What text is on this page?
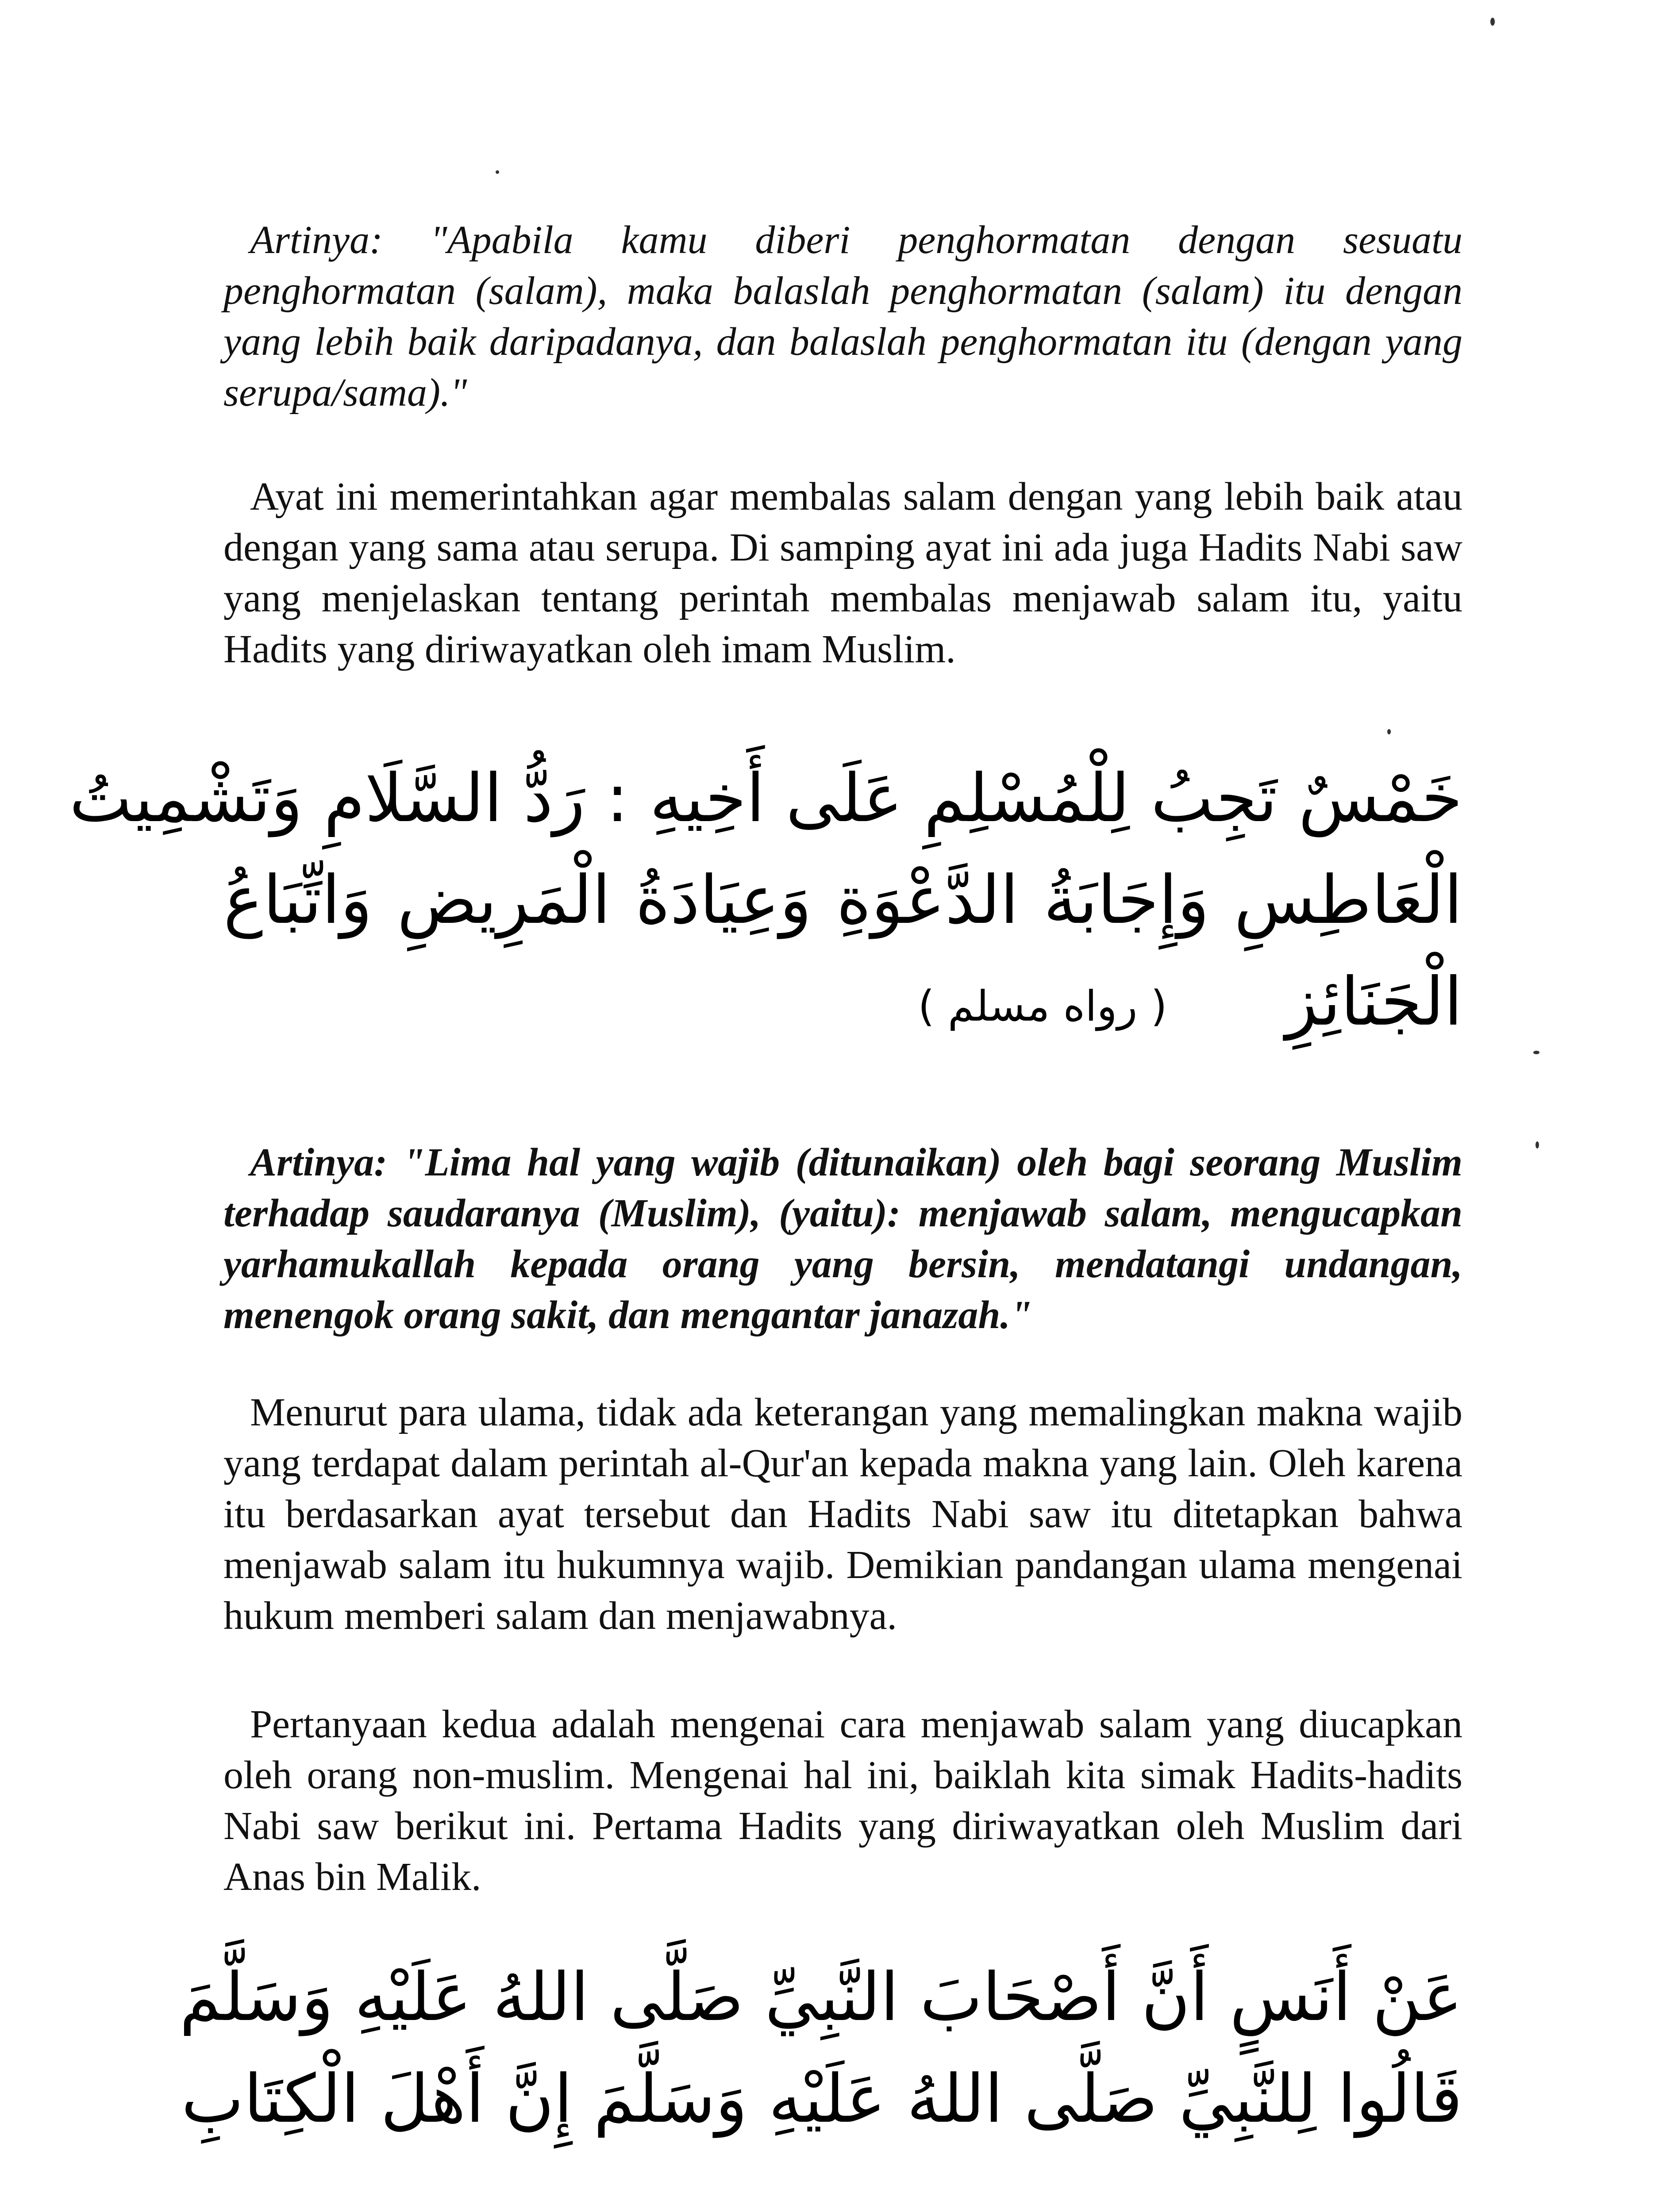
Artinya: "Apabila kamu diberi penghormatan dengan sesuatu penghormatan (salam), maka balaslah penghormatan (salam) itu dengan yang lebih baik daripadanya, dan balaslah penghormatan itu (dengan yang serupa/sama)."

Ayat ini memerintahkan agar membalas salam dengan yang lebih baik atau dengan yang sama atau serupa. Di samping ayat ini ada juga Hadits Nabi saw yang menjelaskan tentang perintah membalas menjawab salam itu, yaitu Hadits yang diriwayatkan oleh imam Muslim.

خَمْسٌ تَجِبُ لِلْمُسْلِمِ عَلَى أَخِيهِ : رَدُّ السَّلَامِ وَتَشْمِيتُ
الْعَاطِسِ وَإِجَابَةُ الدَّعْوَةِ وَعِيَادَةُ الْمَرِيضِ وَاتِّبَاعُ
الْجَنَائِزِ ( رواه مسلم )

Artinya: "Lima hal yang wajib (ditunaikan) oleh bagi seorang Muslim terhadap saudaranya (Muslim), (yaitu): menjawab salam, mengucapkan yarhamukallah kepada orang yang bersin, mendatangi undangan, menengok orang sakit, dan mengantar janazah."

Menurut para ulama, tidak ada keterangan yang memalingkan makna wajib yang terdapat dalam perintah al-Qur'an kepada makna yang lain. Oleh karena itu berdasarkan ayat tersebut dan Hadits Nabi saw itu ditetapkan bahwa menjawab salam itu hukumnya wajib. Demikian pandangan ulama mengenai hukum memberi salam dan menjawabnya.

Pertanyaan kedua adalah mengenai cara menjawab salam yang diucapkan oleh orang non-muslim. Mengenai hal ini, baiklah kita simak Hadits-hadits Nabi saw berikut ini. Pertama Hadits yang diriwayatkan oleh Muslim dari Anas bin Malik.

عَنْ أَنَسٍ أَنَّ أَصْحَابَ النَّبِيِّ صَلَّى اللهُ عَلَيْهِ وَسَلَّمَ
قَالُوا لِلنَّبِيِّ صَلَّى اللهُ عَلَيْهِ وَسَلَّمَ إِنَّ أَهْلَ الْكِتَابِ
